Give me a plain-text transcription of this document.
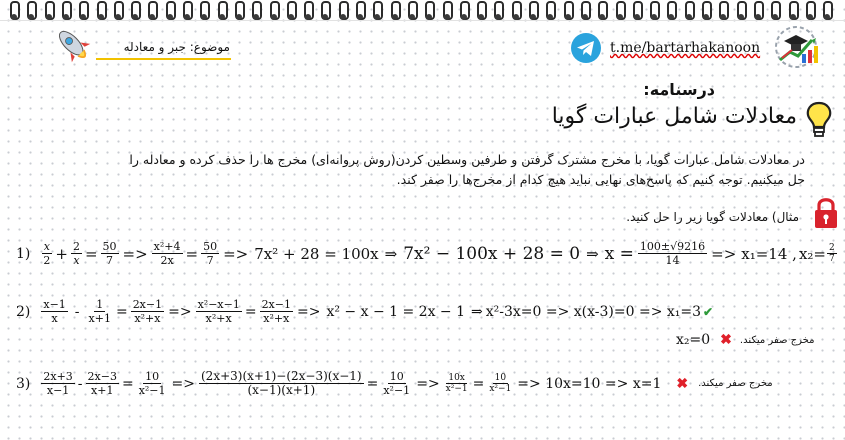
موضوع: جبر و معادله	t.me/bartarhakanoon
درسنامه:
معادلات شامل عبارات گویا
در معادلات شامل عبارات گویا، با مخرج مشترک گرفتن و طرفین وسطین کردن(روش پروانه‌ای) مخرج ها را حذف کرده و معادله را حل میکنیم. توجه کنیم که پاسخ‌های نهایی نباید هیچ کدام از مخرج‌ها را صفر کند.
مثال) معادلات گویا زیر را حل کنید.
$1) \frac{x}{2} + \frac{2}{x} = \frac{50}{7} => \frac{\text{x²+4}}{2x} = \frac{50}{7} => 7x^2 + 28 = 100x$ ⇒ 7x² − 100x + 28 = 0 ⇒ $x = \frac{100\pm√9216}{14} => x_1=14$ , $x_2= \frac{2}{7}$
$2) \frac{x-1}{x} - \frac{1}{x+1} = \frac{2x-1}{\text{x²+x}} => \frac{\text{x²−x−1}}{\text{x²+x}} = \frac{2x-1}{\text{x²+x}} => x^2 - x - 1 = 2x - 1$ ⇒ x²-3x=0 => x(x-3)=0 => x₁=3 ✔
x₂=0 ✖ مخرج صفر میکند.
$3) \frac{2x+3}{x-1} - \frac{2x-3}{x+1} = \frac{10}{\text{x²−1}} => \frac{(2x+3)(x+1)-(2x-3)(x-1)}{(x-1)(x+1)} = \frac{10}{\text{x²−1}} => \frac{10x}{\text{x²−1}} = \frac{10}{\text{x²−1}} => 10x=10 => x=1$ ✖ مخرج صفر میکند.
